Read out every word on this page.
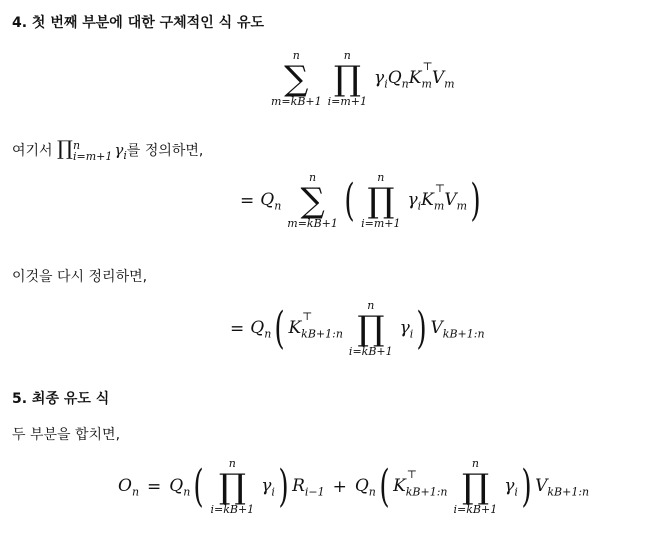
4. 첫 번째 부분에 대한 구체적인 식 유도
n
∑
m=kB+1
n
∏
i=m+1
$\gamma_iQ_nK$
⊤
$_mV_m$
여기서 ∏ n
i=m+1 $\gamma_i$를 정의하면,
= $Q_n$
n
∑
m=kB+1 ( n
∏
i=m+1
$\gamma_iK$
⊤
$_mV_m$ )
이것을 다시 정리하면,
= $Q_n$ ( K
⊤
$_{kB+1:n}$
n
∏
i=kB+1
$\gamma_i$ ) $V_{kB+1:n}$
5. 최종 유도 식
두 부분을 합치면,
$O_n = Q_n$ ( n
∏
i=kB+1
$\gamma_i$ ) $R_{i-1} + Q_n$ ( K
⊤
$_{kB+1:n}$
n
∏
i=kB+1
$\gamma_i$ ) $V_{kB+1:n}$
